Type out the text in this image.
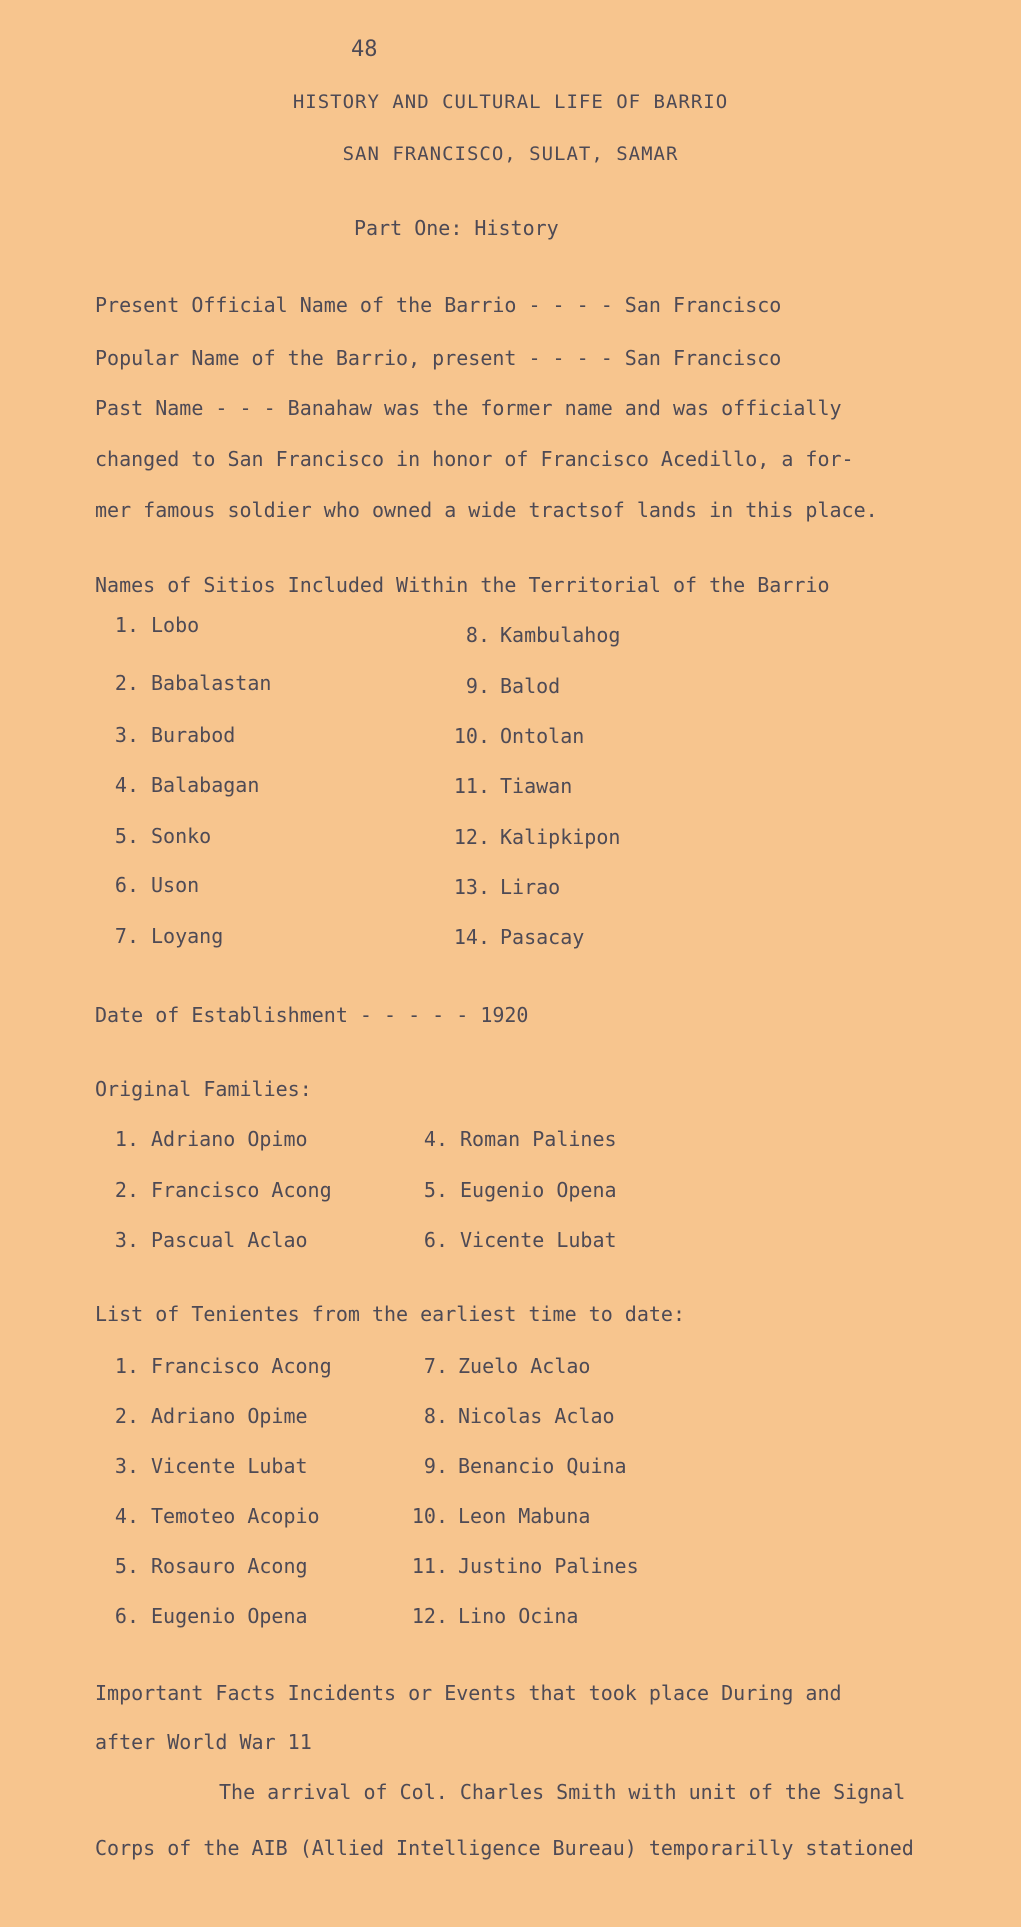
48
HISTORY AND CULTURAL LIFE OF BARRIO
SAN FRANCISCO, SULAT, SAMAR
Part One: History
Present Official Name of the Barrio - - - - San Francisco
Popular Name of the Barrio, present - - - - San Francisco
Past Name - - - Banahaw was the former name and was officially
changed to San Francisco in honor of Francisco Acedillo, a for-
mer famous soldier who owned a wide tractsof lands in this place.
Names of Sitios Included Within the Territorial of the Barrio
1. Lobo
2. Babalastan
3. Burabod
4. Balabagan
5. Sonko
6. Uson
7. Loyang
8. Kambulahog
9. Balod
10. Ontolan
11. Tiawan
12. Kalipkipon
13. Lirao
14. Pasacay
Date of Establishment - - - - - 1920
Original Families:
1. Adriano Opimo
2. Francisco Acong
3. Pascual Aclao
4. Roman Palines
5. Eugenio Opena
6. Vicente Lubat
List of Tenientes from the earliest time to date:
1. Francisco Acong
2. Adriano Opime
3. Vicente Lubat
4. Temoteo Acopio
5. Rosauro Acong
6. Eugenio Opena
7. Zuelo Aclao
8. Nicolas Aclao
9. Benancio Quina
10. Leon Mabuna
11. Justino Palines
12. Lino Ocina
Important Facts Incidents or Events that took place During and
after World War 11
The arrival of Col. Charles Smith with unit of the Signal
Corps of the AIB (Allied Intelligence Bureau) temporarilly stationed
